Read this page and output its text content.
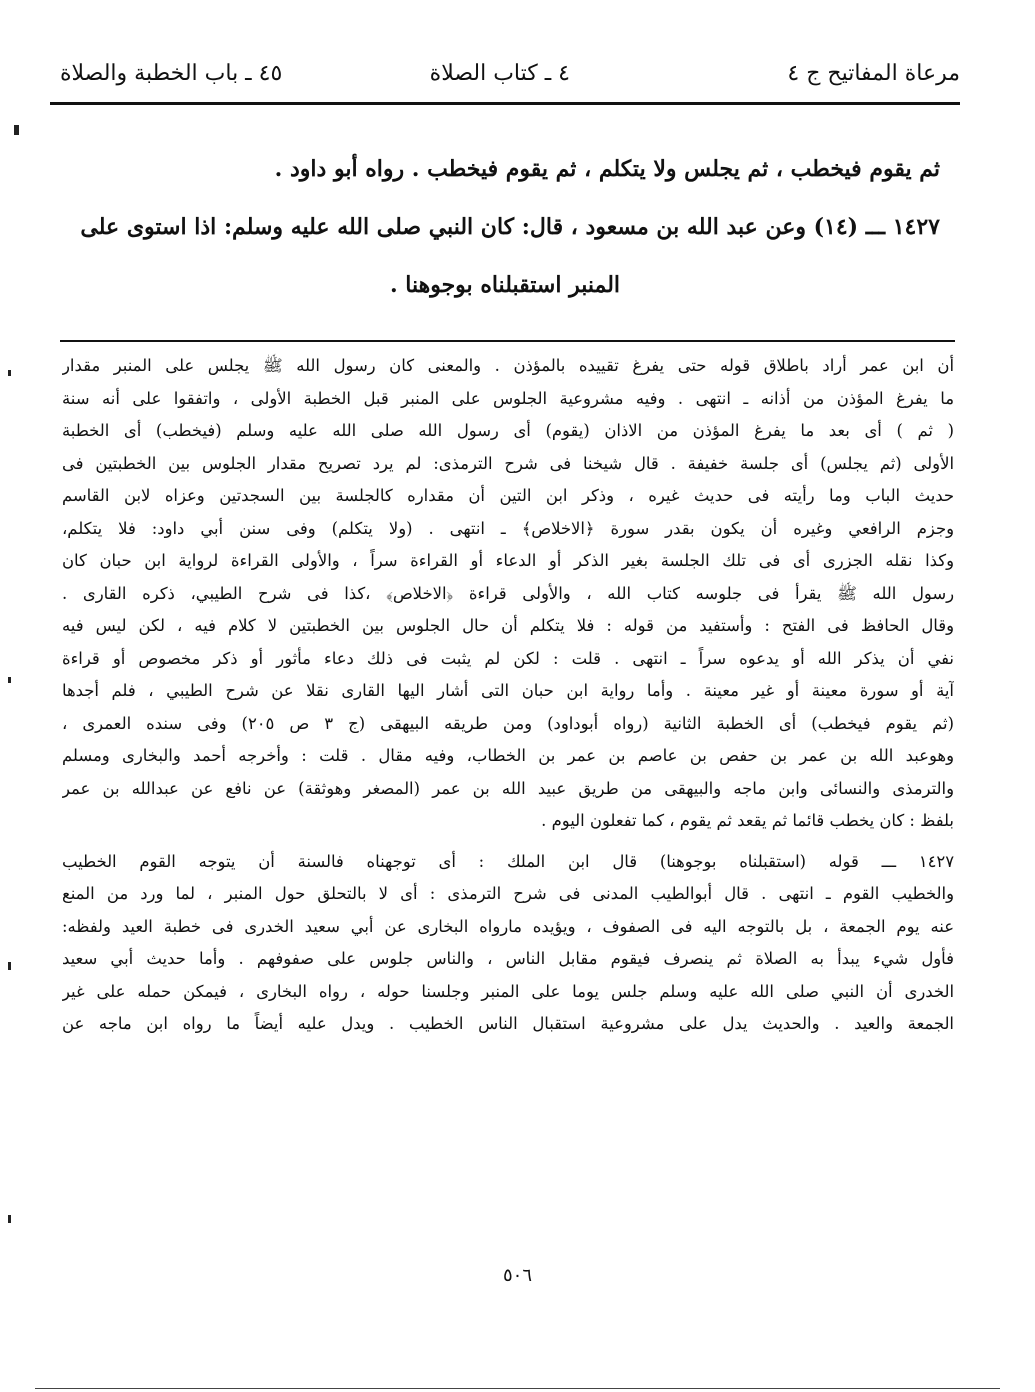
مرعاة المفاتيح ج ٤
٤ ـ كتاب الصلاة
٤٥ ـ باب الخطبة والصلاة

ثم يقوم فيخطب ، ثم يجلس ولا يتكلم ، ثم يقوم فيخطب . رواه أبو داود .

١٤٢٧ ـــ (١٤) وعن عبد الله بن مسعود ، قال: كان النبي صلى الله عليه وسلم: اذا استوى على

المنبر استقبلناه بوجوهنا .

أن ابن عمر أراد باطلاق قوله حتى يفرغ تقييده بالمؤذن . والمعنى كان رسول الله ﷺ يجلس على المنبر مقدار
ما يفرغ المؤذن من أذانه ـ انتهى . وفيه مشروعية الجلوس على المنبر قبل الخطبة الأولى ، واتفقوا على أنه سنة
( ثم ) أى بعد ما يفرغ المؤذن من الاذان (يقوم) أى رسول الله صلى الله عليه وسلم (فيخطب) أى الخطبة
الأولى (ثم يجلس) أى جلسة خفيفة . قال شيخنا فى شرح الترمذى: لم يرد تصريح مقدار الجلوس بين الخطبتين فى
حديث الباب وما رأيته فى حديث غيره ، وذكر ابن التين أن مقداره كالجلسة بين السجدتين وعزاه لابن القاسم
وجزم الرافعي وغيره أن يكون بقدر سورة ﴿الاخلاص﴾ ـ انتهى . (ولا يتكلم) وفى سنن أبي داود: فلا يتكلم،
وكذا نقله الجزرى أى فى تلك الجلسة بغير الذكر أو الدعاء أو القراءة سراً ، والأولى القراءة لرواية ابن حبان كان
رسول الله ﷺ يقرأ فى جلوسه كتاب الله ، والأولى قراءة ﴿الاخلاص﴾ ،كذا فى شرح الطيبي، ذكره القارى .
وقال الحافظ فى الفتح : وأستفيد من قوله : فلا يتكلم أن حال الجلوس بين الخطبتين لا كلام فيه ، لكن ليس فيه
نفي أن يذكر الله أو يدعوه سراً ـ انتهى . قلت : لكن لم يثبت فى ذلك دعاء مأثور أو ذكر مخصوص أو قراءة
آية أو سورة معينة أو غير معينة . وأما رواية ابن حبان التى أشار اليها القارى نقلا عن شرح الطيبي ، فلم أجدها
(ثم يقوم فيخطب) أى الخطبة الثانية (رواه أبوداود) ومن طريقه البيهقى (ج ٣ ص ٢٠٥) وفى سنده العمرى ،
وهوعبد الله بن عمر بن حفص بن عاصم بن عمر بن الخطاب، وفيه مقال . قلت : وأخرجه أحمد والبخارى ومسلم
والترمذى والنسائى وابن ماجه والبيهقى من طريق عبيد الله بن عمر (المصغر وهوثقة) عن نافع عن عبدالله بن عمر
بلفظ : كان يخطب قائما ثم يقعد ثم يقوم ، كما تفعلون اليوم .
١٤٢٧ ـــ قوله (استقبلناه بوجوهنا) قال ابن الملك : أى توجهناه فالسنة أن يتوجه القوم الخطيب
والخطيب القوم ـ انتهى . قال أبوالطيب المدنى فى شرح الترمذى : أى لا بالتحلق حول المنبر ، لما ورد من المنع
عنه يوم الجمعة ، بل بالتوجه اليه فى الصفوف ، ويؤيده مارواه البخارى عن أبي سعيد الخدرى فى خطبة العيد ولفظه:
فأول شيء يبدأ به الصلاة ثم ينصرف فيقوم مقابل الناس ، والناس جلوس على صفوفهم . وأما حديث أبي سعيد
الخدرى أن النبي صلى الله عليه وسلم جلس يوما على المنبر وجلسنا حوله ، رواه البخارى ، فيمكن حمله على غير
الجمعة والعيد . والحديث يدل على مشروعية استقبال الناس الخطيب . ويدل عليه أيضاً ما رواه ابن ماجه عن
٥٠٦
